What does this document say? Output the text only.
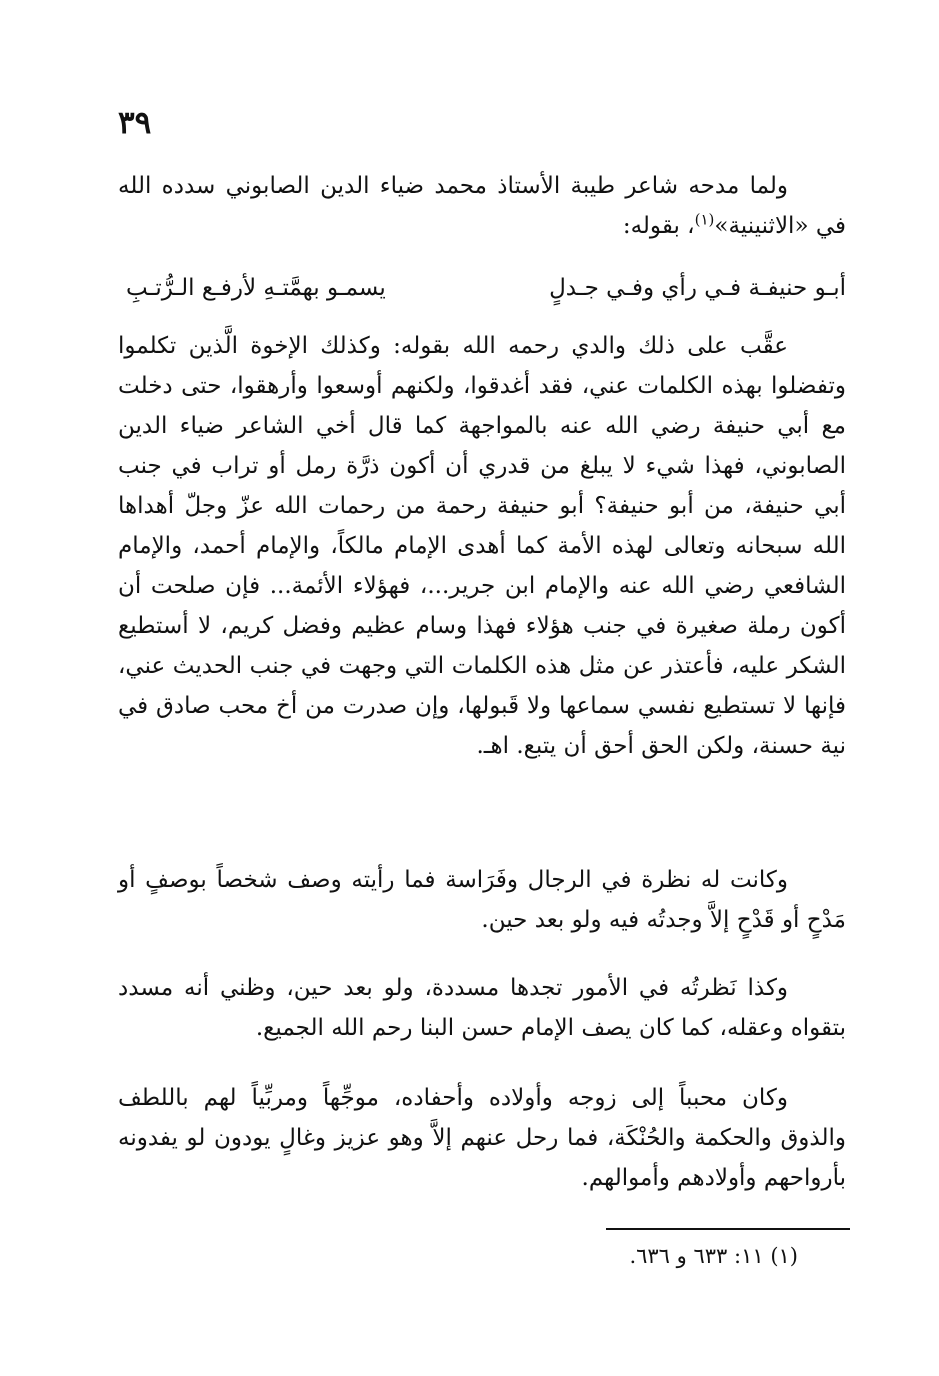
٣٩
ولما مدحه شاعر طيبة الأستاذ محمد ضياء الدين الصابوني سدده الله في «الاثنينية»$^{(١)}$، بقوله:
أبـو حنيفـة فـي رأي وفـي جـدلٍ
يسمـو بهمَّتـهِ لأرفـع الـرُّتـبِ
عقَّب على ذلك والدي رحمه الله بقوله: وكذلك الإخوة الَّذين تكلموا وتفضلوا بهذه الكلمات عني، فقد أغدقوا، ولكنهم أوسعوا وأرهقوا، حتى دخلت مع أبي حنيفة رضي الله عنه بالمواجهة كما قال أخي الشاعر ضياء الدين الصابوني، فهذا شيء لا يبلغ من قدري أن أكون ذرَّة رمل أو تراب في جنب أبي حنيفة، من أبو حنيفة؟ أبو حنيفة رحمة من رحمات الله عزّ وجلّ أهداها الله سبحانه وتعالى لهذه الأمة كما أهدى الإمام مالكاً، والإمام أحمد، والإمام الشافعي رضي الله عنه والإمام ابن جرير...، فهؤلاء الأئمة... فإن صلحت أن أكون رملة صغيرة في جنب هؤلاء فهذا وسام عظيم وفضل كريم، لا أستطيع الشكر عليه، فأعتذر عن مثل هذه الكلمات التي وجهت في جنب الحديث عني، فإنها لا تستطيع نفسي سماعها ولا قَبولها، وإن صدرت من أخ محب صادق في نية حسنة، ولكن الحق أحق أن يتبع. اهـ.
وكانت له نظرة في الرجال وفَرَاسة فما رأيته وصف شخصاً بوصفٍ أو مَدْحٍ أو قَدْحٍ إلاَّ وجدتُه فيه ولو بعد حين.
وكذا نَظرتُه في الأمور تجدها مسددة، ولو بعد حين، وظني أنه مسدد بتقواه وعقله، كما كان يصف الإمام حسن البنا رحم الله الجميع.
وكان محبباً إلى زوجه وأولاده وأحفاده، موجِّهاً ومربِّياً لهم باللطف والذوق والحكمة والحُنْكَة، فما رحل عنهم إلاَّ وهو عزيز وغالٍ يودون لو يفدونه بأرواحهم وأولادهم وأموالهم.
(١) ١١: ٦٣٣ و ٦٣٦.
